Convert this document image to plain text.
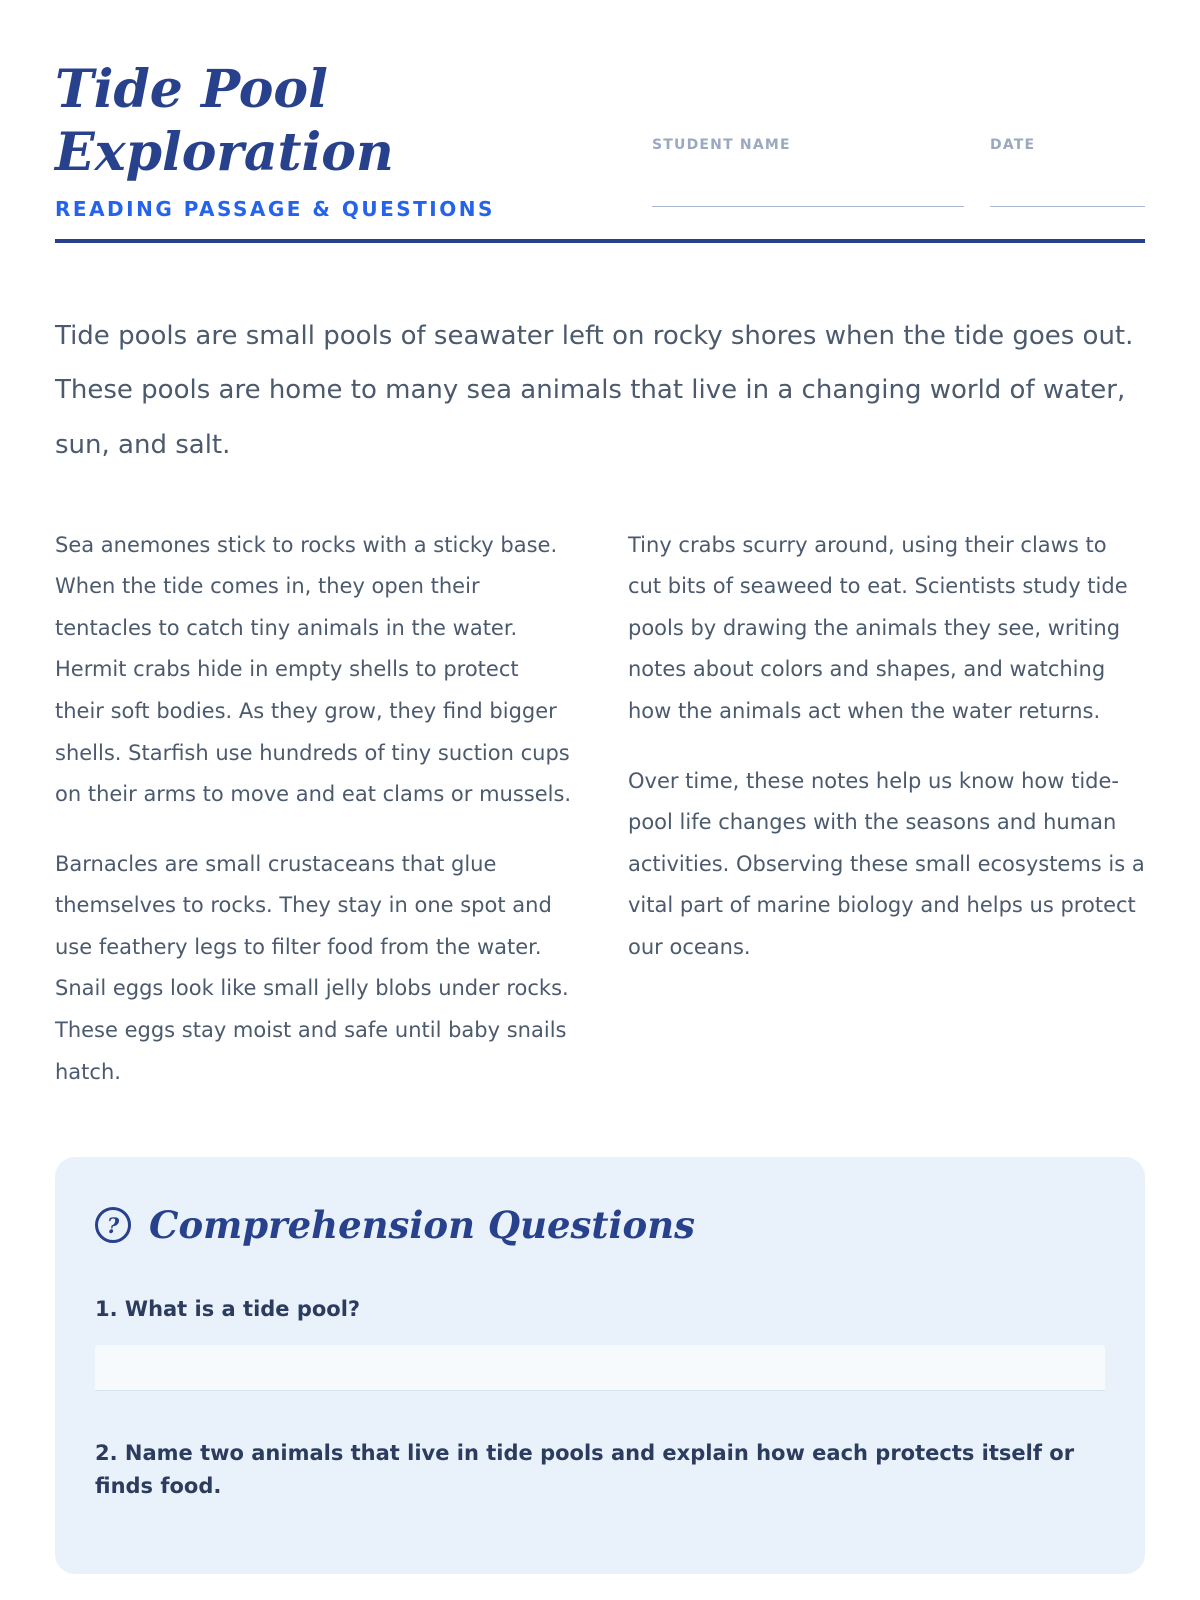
Tide Pool
Exploration
READING PASSAGE & QUESTIONS
STUDENT NAME	DATE

Tide pools are small pools of seawater left on rocky shores when the tide goes out. These pools are home to many sea animals that live in a changing world of water, sun, and salt.

Sea anemones stick to rocks with a sticky base. When the tide comes in, they open their tentacles to catch tiny animals in the water. Hermit crabs hide in empty shells to protect their soft bodies. As they grow, they find bigger shells. Starfish use hundreds of tiny suction cups on their arms to move and eat clams or mussels.

Barnacles are small crustaceans that glue themselves to rocks. They stay in one spot and use feathery legs to filter food from the water. Snail eggs look like small jelly blobs under rocks. These eggs stay moist and safe until baby snails hatch.

Tiny crabs scurry around, using their claws to cut bits of seaweed to eat. Scientists study tide pools by drawing the animals they see, writing notes about colors and shapes, and watching how the animals act when the water returns.

Over time, these notes help us know how tide-pool life changes with the seasons and human activities. Observing these small ecosystems is a vital part of marine biology and helps us protect our oceans.

? Comprehension Questions

1. What is a tide pool?

2. Name two animals that live in tide pools and explain how each protects itself or finds food.
